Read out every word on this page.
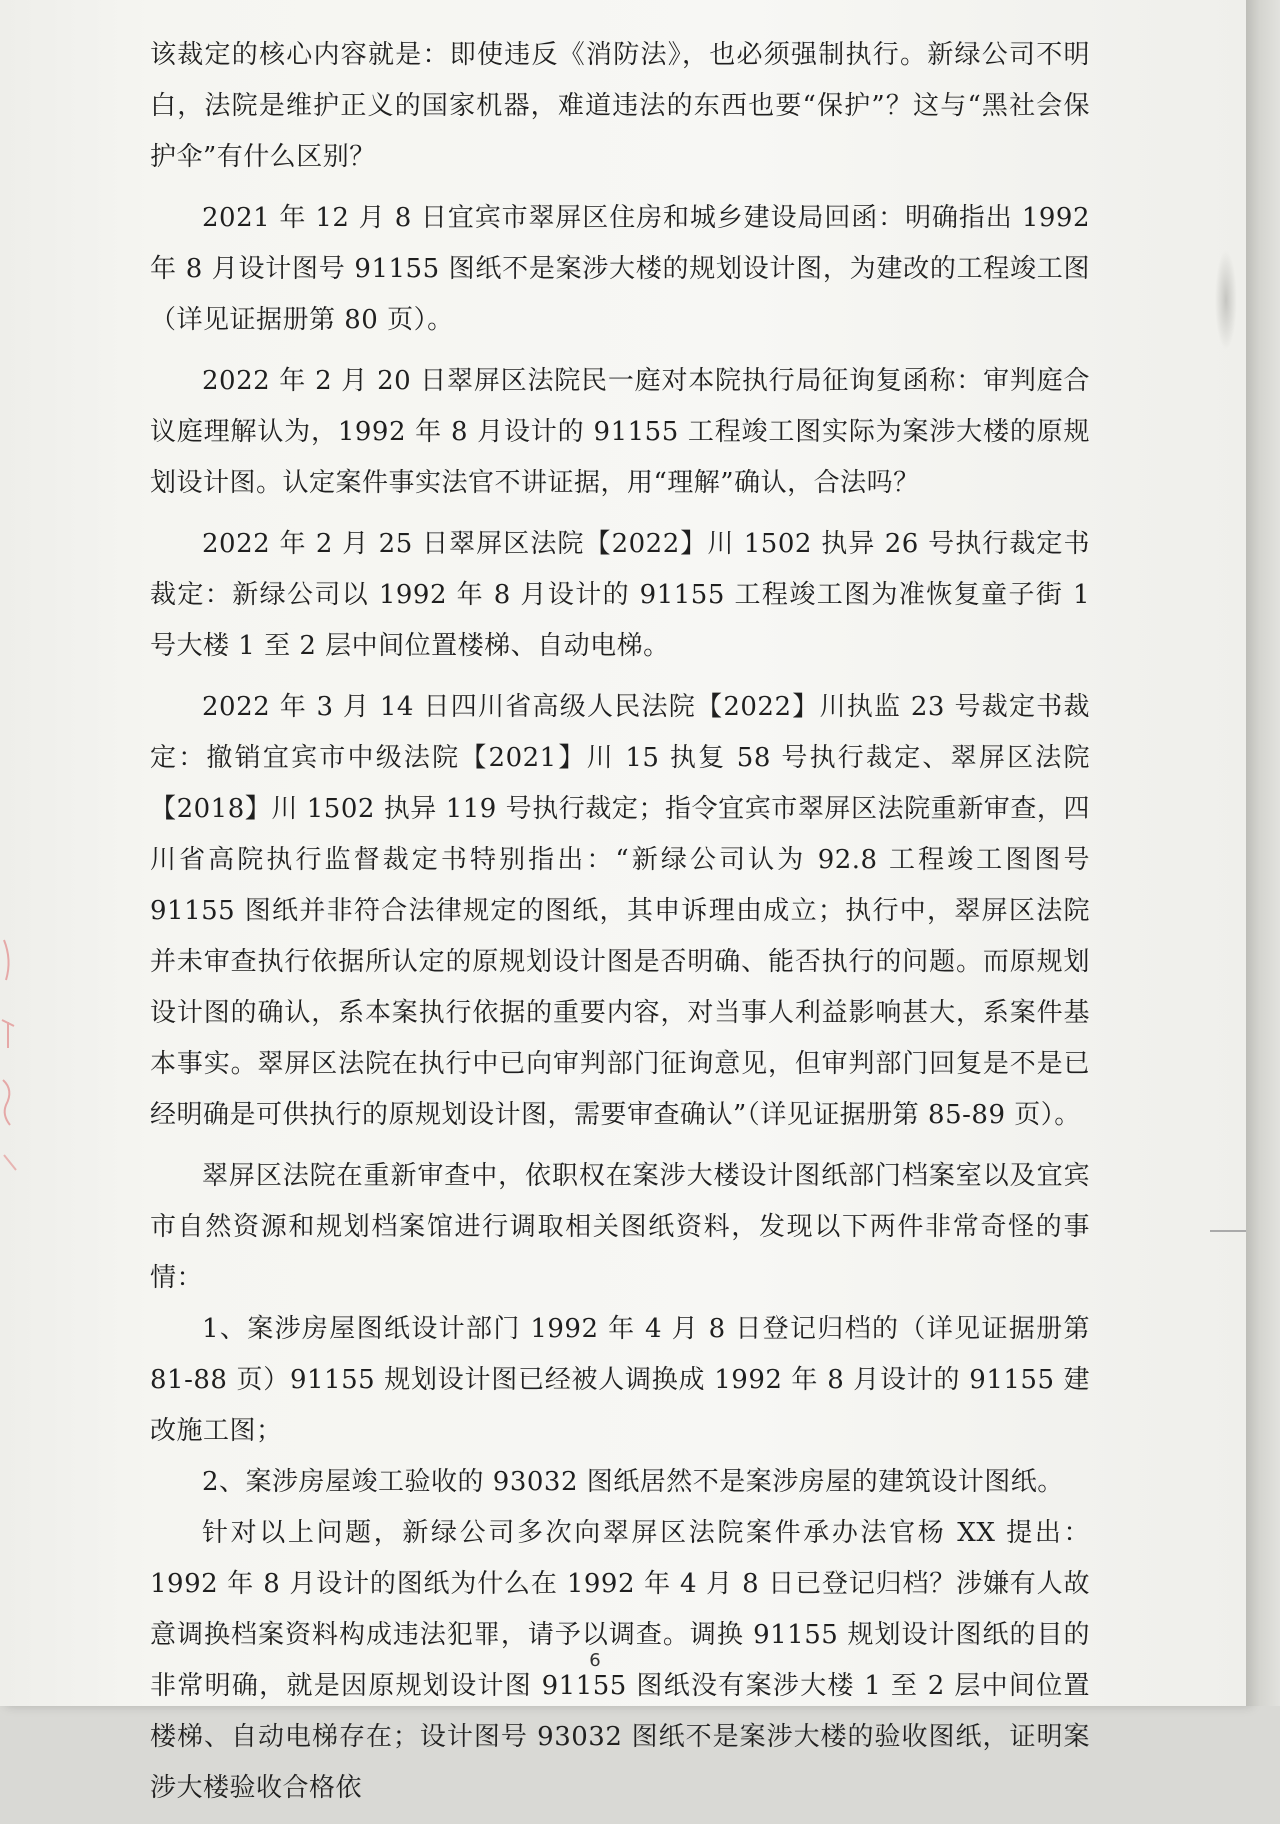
该裁定的核心内容就是：即使违反《消防法》，也必须强制执行。新绿公司不明白，法院是维护正义的国家机器，难道违法的东西也要“保护”？这与“黑社会保护伞”有什么区别？

2021 年 12 月 8 日宜宾市翠屏区住房和城乡建设局回函：明确指出 1992 年 8 月设计图号 91155 图纸不是案涉大楼的规划设计图，为建改的工程竣工图（详见证据册第 80 页）。

2022 年 2 月 20 日翠屏区法院民一庭对本院执行局征询复函称：审判庭合议庭理解认为，1992 年 8 月设计的 91155 工程竣工图实际为案涉大楼的原规划设计图。认定案件事实法官不讲证据，用“理解”确认，合法吗？

2022 年 2 月 25 日翠屏区法院【2022】川 1502 执异 26 号执行裁定书裁定：新绿公司以 1992 年 8 月设计的 91155 工程竣工图为准恢复童子街 1 号大楼 1 至 2 层中间位置楼梯、自动电梯。

2022 年 3 月 14 日四川省高级人民法院【2022】川执监 23 号裁定书裁定：撤销宜宾市中级法院【2021】川 15 执复 58 号执行裁定、翠屏区法院【2018】川 1502 执异 119 号执行裁定；指令宜宾市翠屏区法院重新审查，四川省高院执行监督裁定书特别指出：“新绿公司认为 92.8 工程竣工图图号 91155 图纸并非符合法律规定的图纸，其申诉理由成立；执行中，翠屏区法院并未审查执行依据所认定的原规划设计图是否明确、能否执行的问题。而原规划设计图的确认，系本案执行依据的重要内容，对当事人利益影响甚大，系案件基本事实。翠屏区法院在执行中已向审判部门征询意见，但审判部门回复是不是已经明确是可供执行的原规划设计图，需要审查确认”（详见证据册第 85-89 页）。

翠屏区法院在重新审查中，依职权在案涉大楼设计图纸部门档案室以及宜宾市自然资源和规划档案馆进行调取相关图纸资料，发现以下两件非常奇怪的事情：

1、案涉房屋图纸设计部门 1992 年 4 月 8 日登记归档的（详见证据册第 81-88 页）91155 规划设计图已经被人调换成 1992 年 8 月设计的 91155 建改施工图；

2、案涉房屋竣工验收的 93032 图纸居然不是案涉房屋的建筑设计图纸。

针对以上问题，新绿公司多次向翠屏区法院案件承办法官杨 XX 提出：1992 年 8 月设计的图纸为什么在 1992 年 4 月 8 日已登记归档？涉嫌有人故意调换档案资料构成违法犯罪，请予以调查。调换 91155 规划设计图纸的目的非常明确，就是因原规划设计图 91155 图纸没有案涉大楼 1 至 2 层中间位置楼梯、自动电梯存在；设计图号 93032 图纸不是案涉大楼的验收图纸，证明案涉大楼验收合格依

6
